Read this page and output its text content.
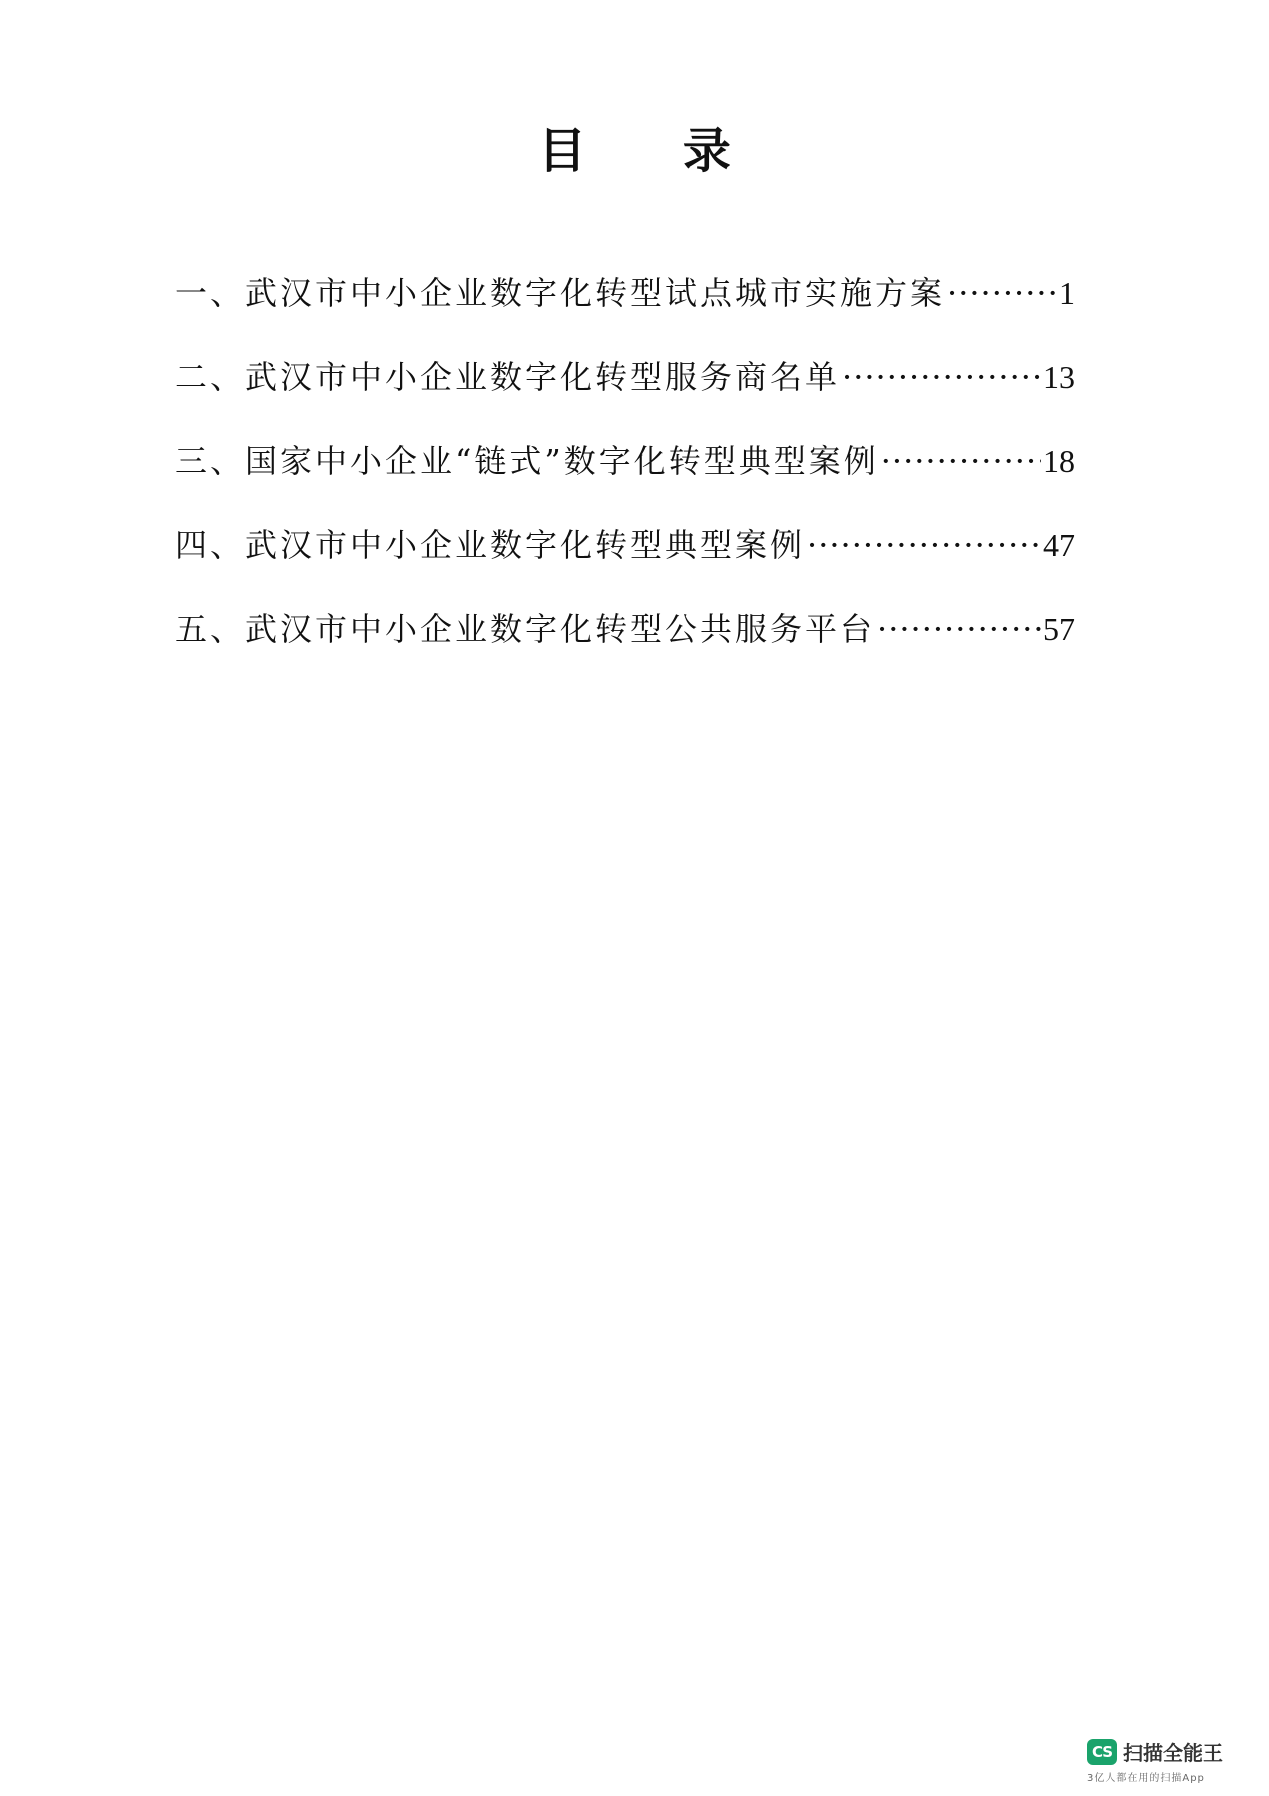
目 录
一、武汉市中小企业数字化转型试点城市实施方案 ·····	1
二、武汉市中小企业数字化转型服务商名单 ·····	13
三、国家中小企业“链式”数字化转型典型案例 ·····	18
四、武汉市中小企业数字化转型典型案例 ·····	47
五、武汉市中小企业数字化转型公共服务平台 ·····	57
CS 扫描全能王
3亿人都在用的扫描App
